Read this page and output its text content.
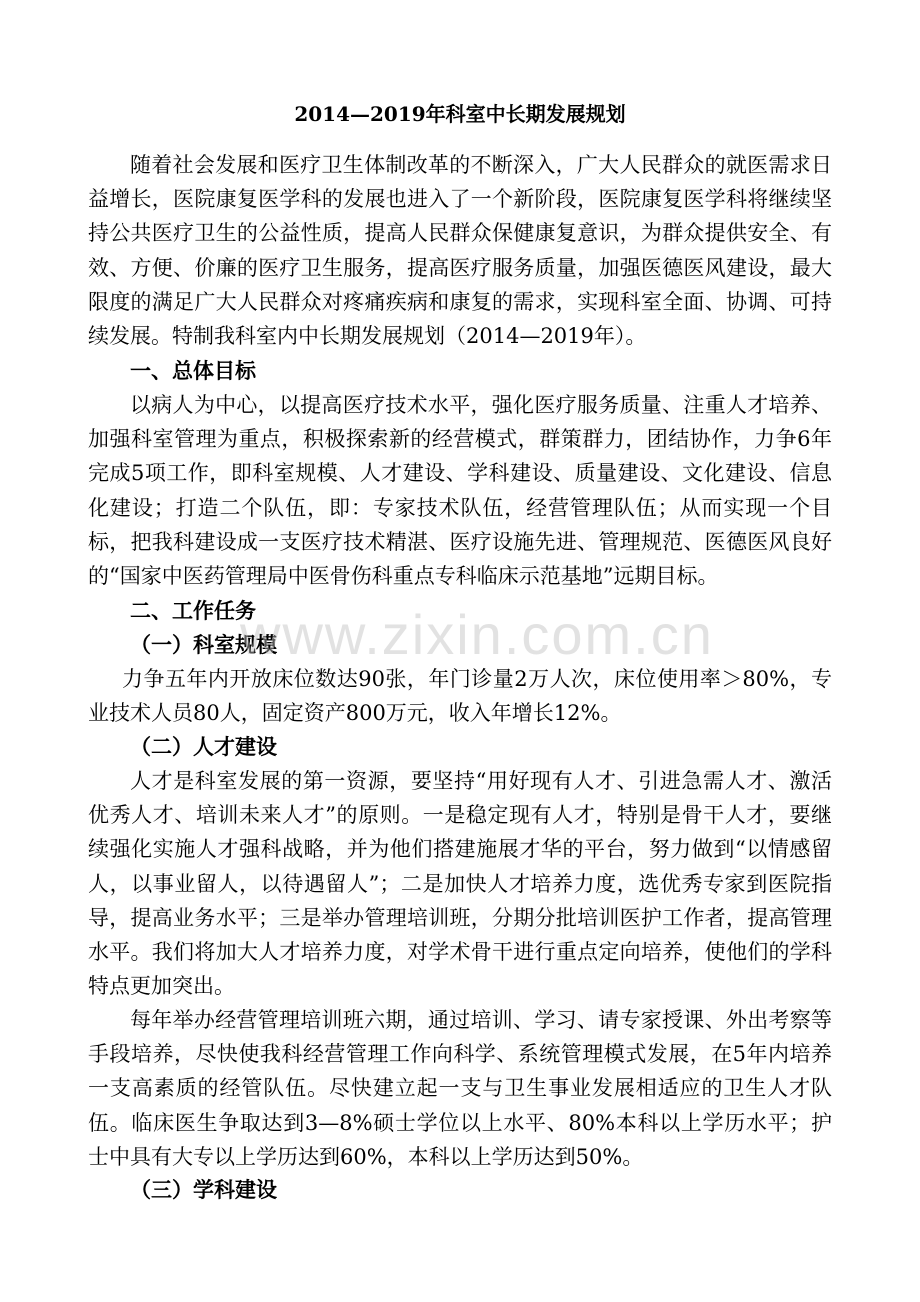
2014—2019年科室中长期发展规划

随着社会发展和医疗卫生体制改革的不断深入，广大人民群众的就医需求日益增长，医院康复医学科的发展也进入了一个新阶段，医院康复医学科将继续坚持公共医疗卫生的公益性质，提高人民群众保健康复意识，为群众提供安全、有效、方便、价廉的医疗卫生服务，提高医疗服务质量，加强医德医风建设，最大限度的满足广大人民群众对疼痛疾病和康复的需求，实现科室全面、协调、可持续发展。特制我科室内中长期发展规划（2014—2019年）。

一、总体目标

以病人为中心，以提高医疗技术水平，强化医疗服务质量、注重人才培养、加强科室管理为重点，积极探索新的经营模式，群策群力，团结协作，力争6年完成5项工作，即科室规模、人才建设、学科建设、质量建设、文化建设、信息化建设；打造二个队伍，即：专家技术队伍，经营管理队伍；从而实现一个目标，把我科建设成一支医疗技术精湛、医疗设施先进、管理规范、医德医风良好的“国家中医药管理局中医骨伤科重点专科临床示范基地”远期目标。

二、工作任务

（一）科室规模

力争五年内开放床位数达90张，年门诊量2万人次，床位使用率＞80%，专业技术人员80人，固定资产800万元，收入年增长12%。

（二）人才建设

人才是科室发展的第一资源，要坚持“用好现有人才、引进急需人才、激活优秀人才、培训未来人才”的原则。一是稳定现有人才，特别是骨干人才，要继续强化实施人才强科战略，并为他们搭建施展才华的平台，努力做到“以情感留人，以事业留人，以待遇留人”；二是加快人才培养力度，选优秀专家到医院指导，提高业务水平；三是举办管理培训班，分期分批培训医护工作者，提高管理水平。我们将加大人才培养力度，对学术骨干进行重点定向培养，使他们的学科特点更加突出。

每年举办经营管理培训班六期，通过培训、学习、请专家授课、外出考察等手段培养，尽快使我科经营管理工作向科学、系统管理模式发展，在5年内培养一支高素质的经管队伍。尽快建立起一支与卫生事业发展相适应的卫生人才队伍。临床医生争取达到3—8%硕士学位以上水平、80%本科以上学历水平；护士中具有大专以上学历达到60%，本科以上学历达到50%。

（三）学科建设

www.zixin.com.cn
